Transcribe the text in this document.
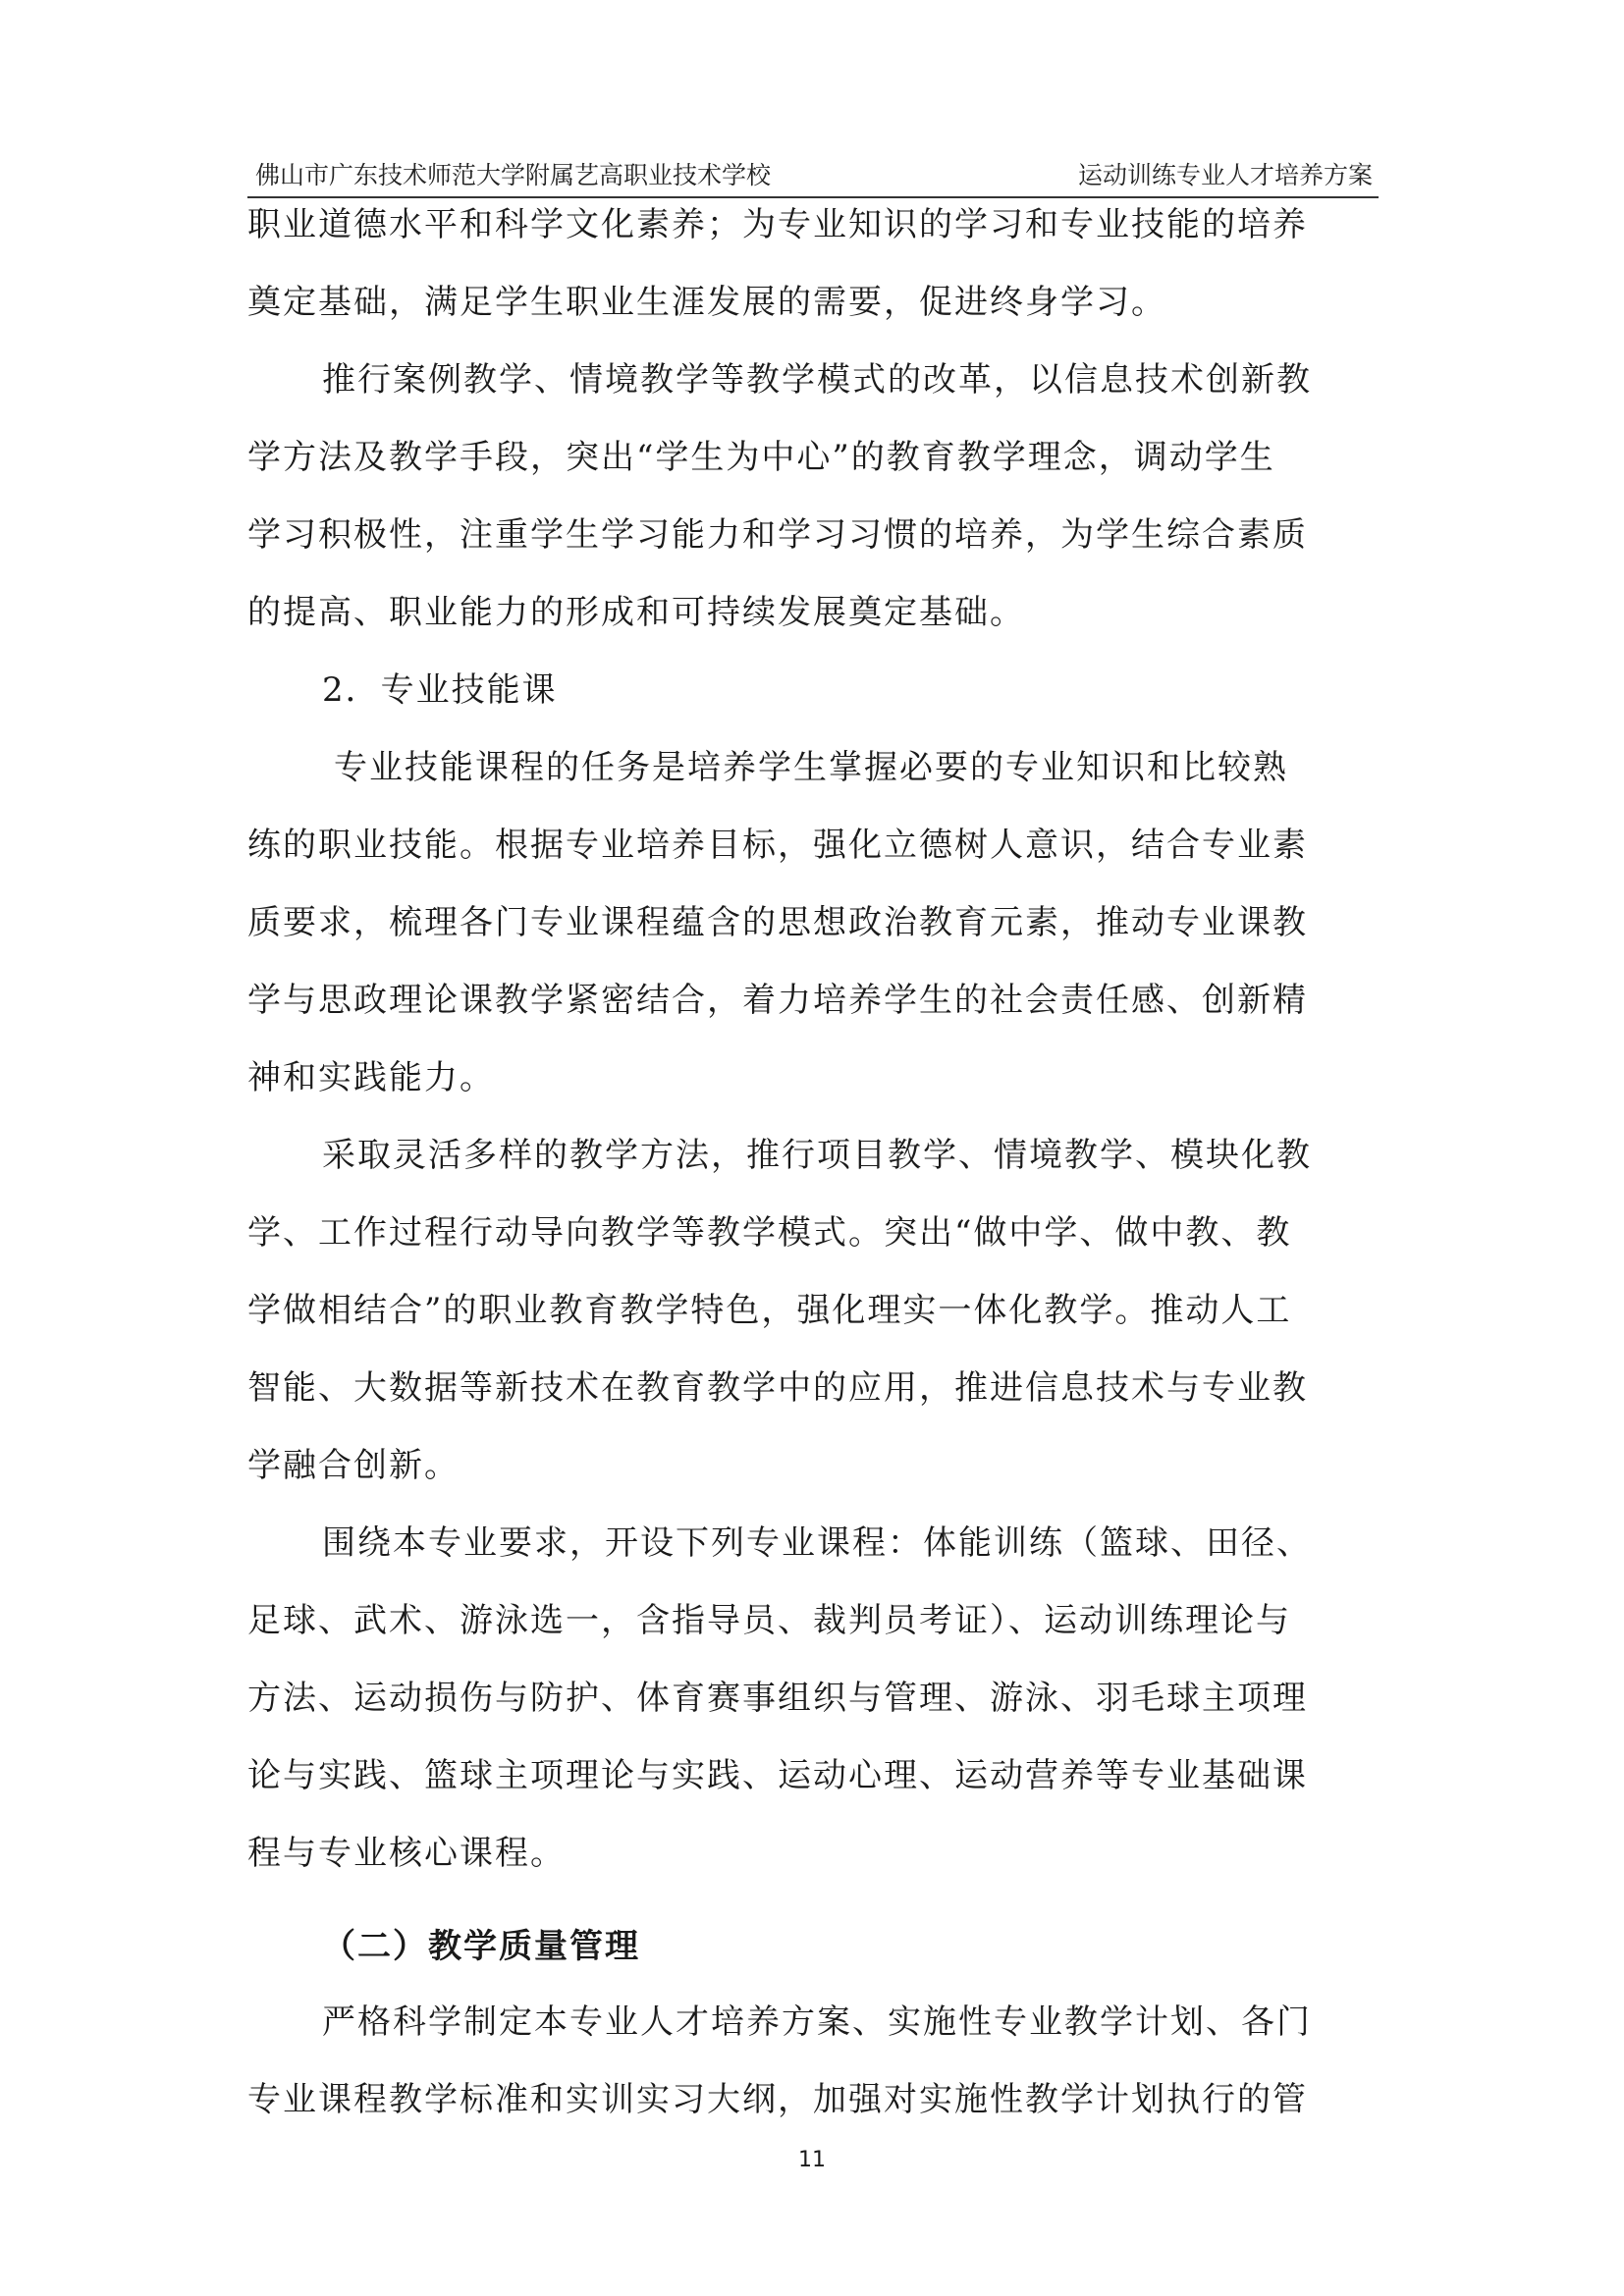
佛山市广东技术师范大学附属艺高职业技术学校	运动训练专业人才培养方案
职业道德水平和科学文化素养；为专业知识的学习和专业技能的培养
奠定基础，满足学生职业生涯发展的需要，促进终身学习。
推行案例教学、情境教学等教学模式的改革，以信息技术创新教
学方法及教学手段，突出“学生为中心”的教育教学理念，调动学生
学习积极性，注重学生学习能力和学习习惯的培养，为学生综合素质
的提高、职业能力的形成和可持续发展奠定基础。
2．专业技能课
专业技能课程的任务是培养学生掌握必要的专业知识和比较熟
练的职业技能。根据专业培养目标，强化立德树人意识，结合专业素
质要求，梳理各门专业课程蕴含的思想政治教育元素，推动专业课教
学与思政理论课教学紧密结合，着力培养学生的社会责任感、创新精
神和实践能力。
采取灵活多样的教学方法，推行项目教学、情境教学、模块化教
学、工作过程行动导向教学等教学模式。突出“做中学、做中教、教
学做相结合”的职业教育教学特色，强化理实一体化教学。推动人工
智能、大数据等新技术在教育教学中的应用，推进信息技术与专业教
学融合创新。
围绕本专业要求，开设下列专业课程：体能训练（篮球、田径、
足球、武术、游泳选一，含指导员、裁判员考证）、运动训练理论与
方法、运动损伤与防护、体育赛事组织与管理、游泳、羽毛球主项理
论与实践、篮球主项理论与实践、运动心理、运动营养等专业基础课
程与专业核心课程。
（二）教学质量管理
严格科学制定本专业人才培养方案、实施性专业教学计划、各门
专业课程教学标准和实训实习大纲，加强对实施性教学计划执行的管
11
